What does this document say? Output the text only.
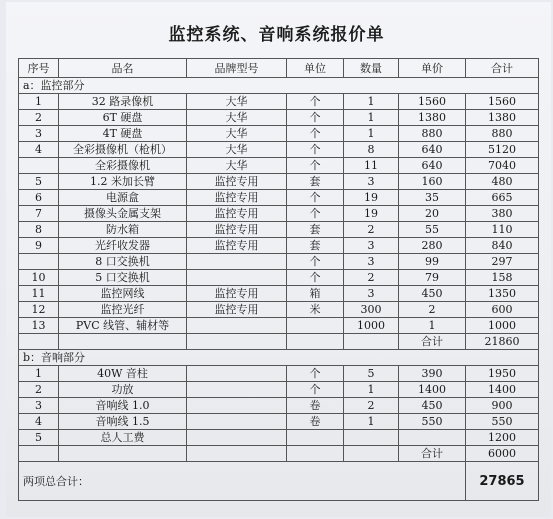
监控系统、音响系统报价单
序号	品名	品牌型号	单位	数量	单价	合计
a：监控部分						
1	32 路录像机	大华	个	1	1560	1560
2	6T 硬盘	大华	个	1	1380	1380
3	4T 硬盘	大华	个	1	880	880
4	全彩摄像机（枪机）	大华	个	8	640	5120
	全彩摄像机	大华	个	11	640	7040
5	1.2 米加长臂	监控专用	套	3	160	480
6	电源盒	监控专用	个	19	35	665
7	摄像头金属支架	监控专用	个	19	20	380
8	防水箱	监控专用	套	2	55	110
9	光纤收发器	监控专用	套	3	280	840
	8 口交换机		个	3	99	297
10	5 口交换机		个	2	79	158
11	监控网线	监控专用	箱	3	450	1350
12	监控光纤	监控专用	米	300	2	600
13	PVC 线管、辅材等			1000	1	1000
					合计	21860
b：音响部分						
1	40W 音柱		个	5	390	1950
2	功放		个	1	1400	1400
3	音响线 1.0		卷	2	450	900
4	音响线 1.5		卷	1	550	550
5	总人工费					1200
					合计	6000
两项总合计：						27865
